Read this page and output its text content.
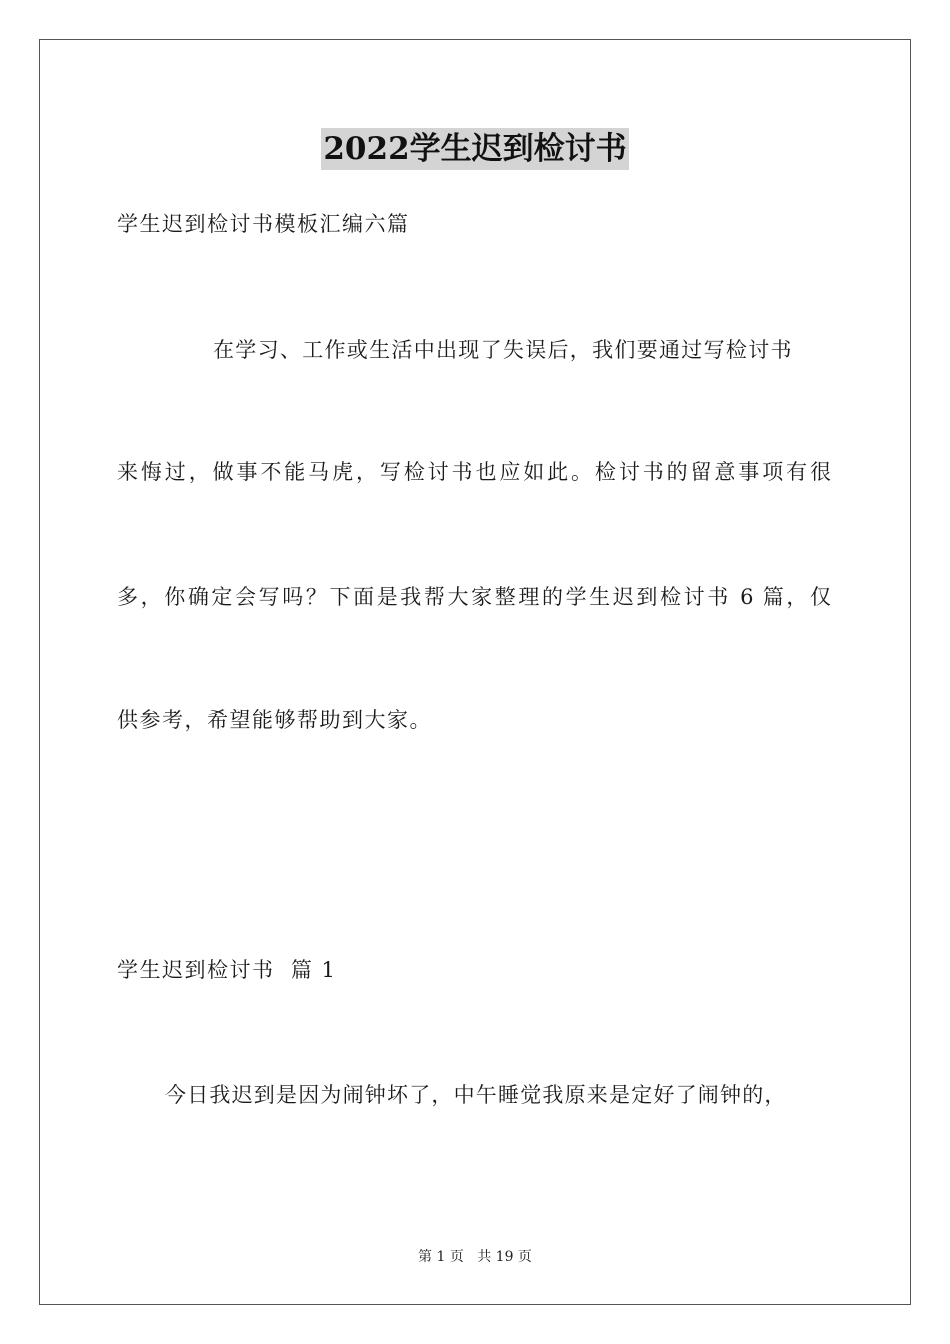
2022学生迟到检讨书
学生迟到检讨书模板汇编六篇
在学习、工作或生活中出现了失误后，我们要通过写检讨书
来悔过，做事不能马虎，写检讨书也应如此。检讨书的留意事项有很
多，你确定会写吗？下面是我帮大家整理的学生迟到检讨书 6 篇，仅
供参考，希望能够帮助到大家。
学生迟到检讨书  篇 1
今日我迟到是因为闹钟坏了，中午睡觉我原来是定好了闹钟的，
第 1 页 共 19 页
